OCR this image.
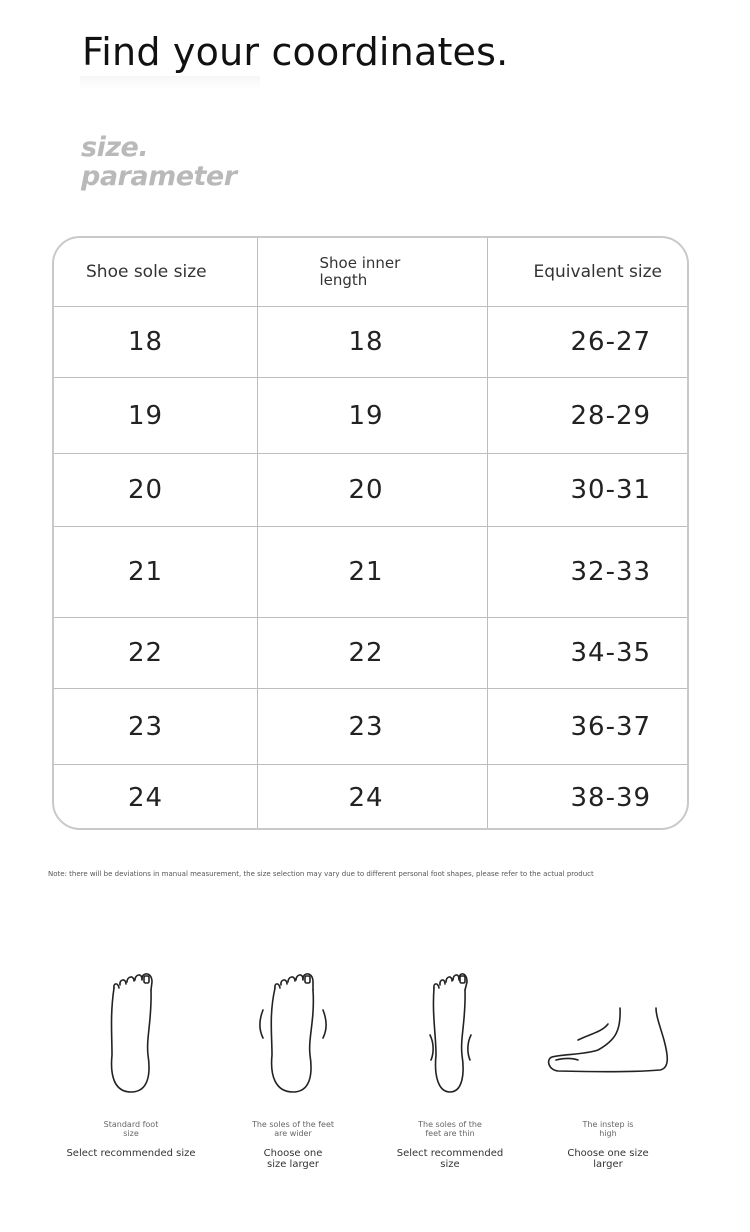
Find your coordinates.
size.
parameter
Shoe sole size	Shoe inner length	Equivalent size
18	18	26-27
19	19	28-29
20	20	30-31
21	21	32-33
22	22	34-35
23	23	36-37
24	24	38-39
Note: there will be deviations in manual measurement, the size selection may vary due to different personal foot shapes, please refer to the actual product
Standard foot size
Select recommended size
The soles of the feet are wider
Choose one size larger
The soles of the feet are thin
Select recommended size
The instep is high
Choose one size larger
